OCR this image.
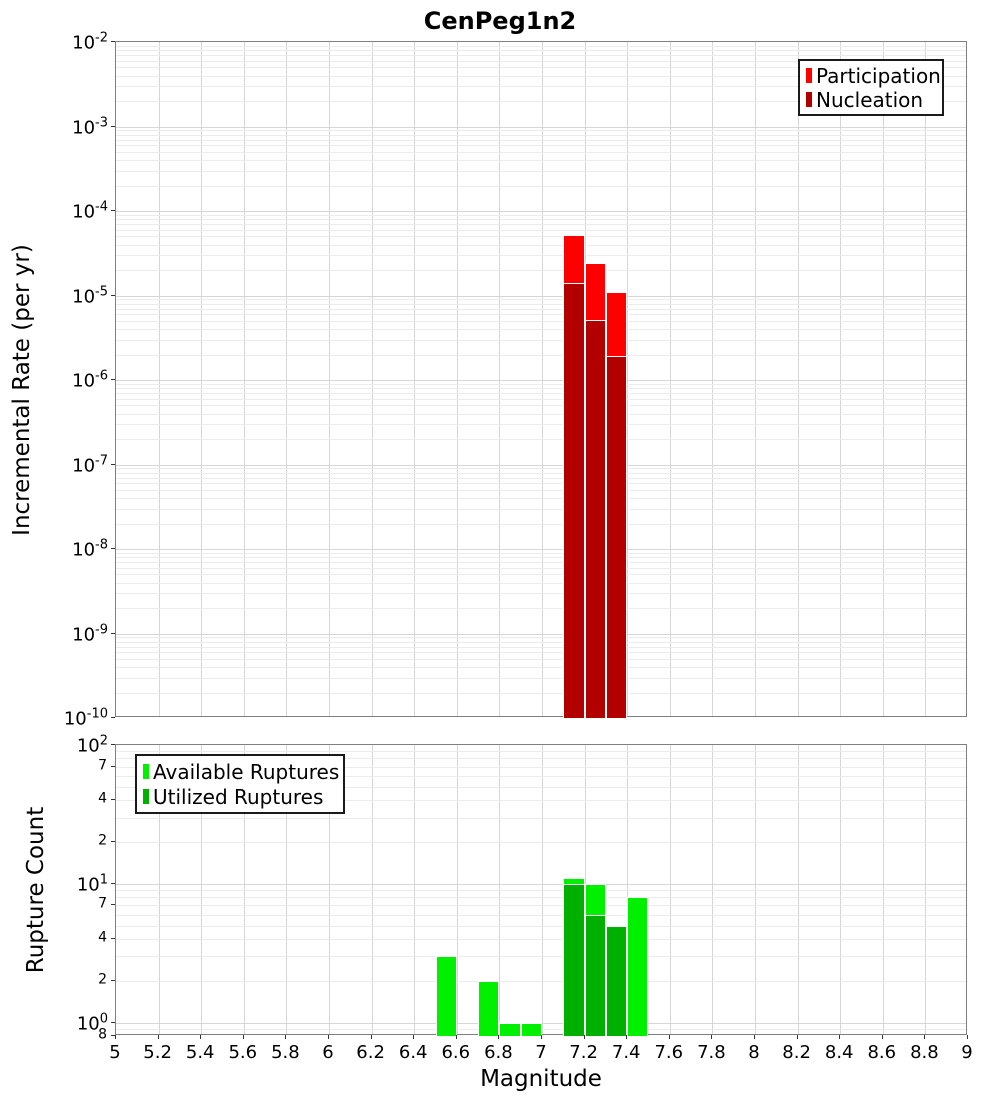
CenPeg1n2
Incremental Rate (per yr)
Rupture Count
Magnitude
$10^{-2}$
$10^{-3}$
$10^{-4}$
$10^{-5}$
$10^{-6}$
$10^{-7}$
$10^{-8}$
$10^{-9}$
$10^{-10}$
$10^2$
$10^1$
$10^0$
7
4
2
7
4
2
8
5 5.2 5.4 5.6 5.8 6 6.2 6.4 6.6 6.8 7 7.2 7.4 7.6 7.8 8 8.2 8.4 8.6 8.8 9
Participation
Nucleation
Available Ruptures
Utilized Ruptures
